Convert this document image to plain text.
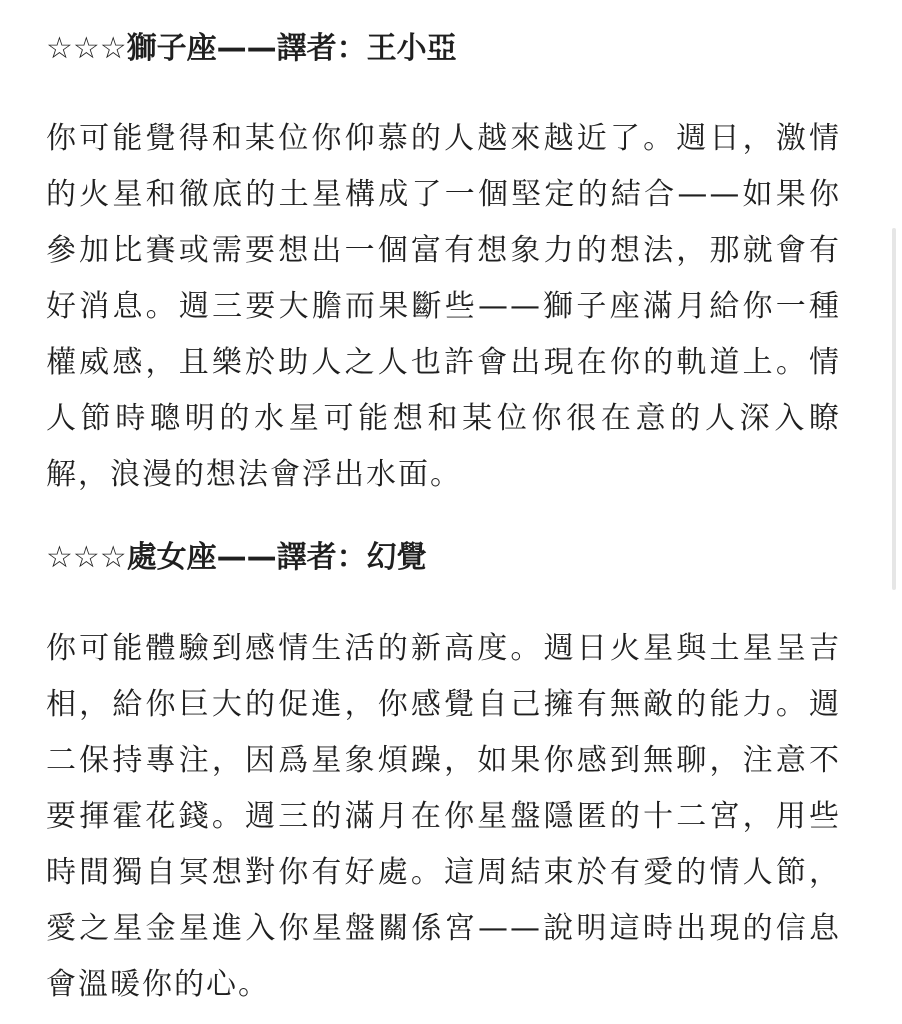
☆☆☆獅子座——譯者：王小亞

你可能覺得和某位你仰慕的人越來越近了。週日，激情的火星和徹底的土星構成了一個堅定的結合——如果你參加比賽或需要想出一個富有想象力的想法，那就會有好消息。週三要大膽而果斷些——獅子座滿月給你一種權威感，且樂於助人之人也許會出現在你的軌道上。情人節時聰明的水星可能想和某位你很在意的人深入瞭解，浪漫的想法會浮出水面。

☆☆☆處女座——譯者：幻覺

你可能體驗到感情生活的新高度。週日火星與土星呈吉相，給你巨大的促進，你感覺自己擁有無敵的能力。週二保持專注，因爲星象煩躁，如果你感到無聊，注意不要揮霍花錢。週三的滿月在你星盤隱匿的十二宮，用些時間獨自冥想對你有好處。這周結束於有愛的情人節，愛之星金星進入你星盤關係宮——說明這時出現的信息會溫暖你的心。
